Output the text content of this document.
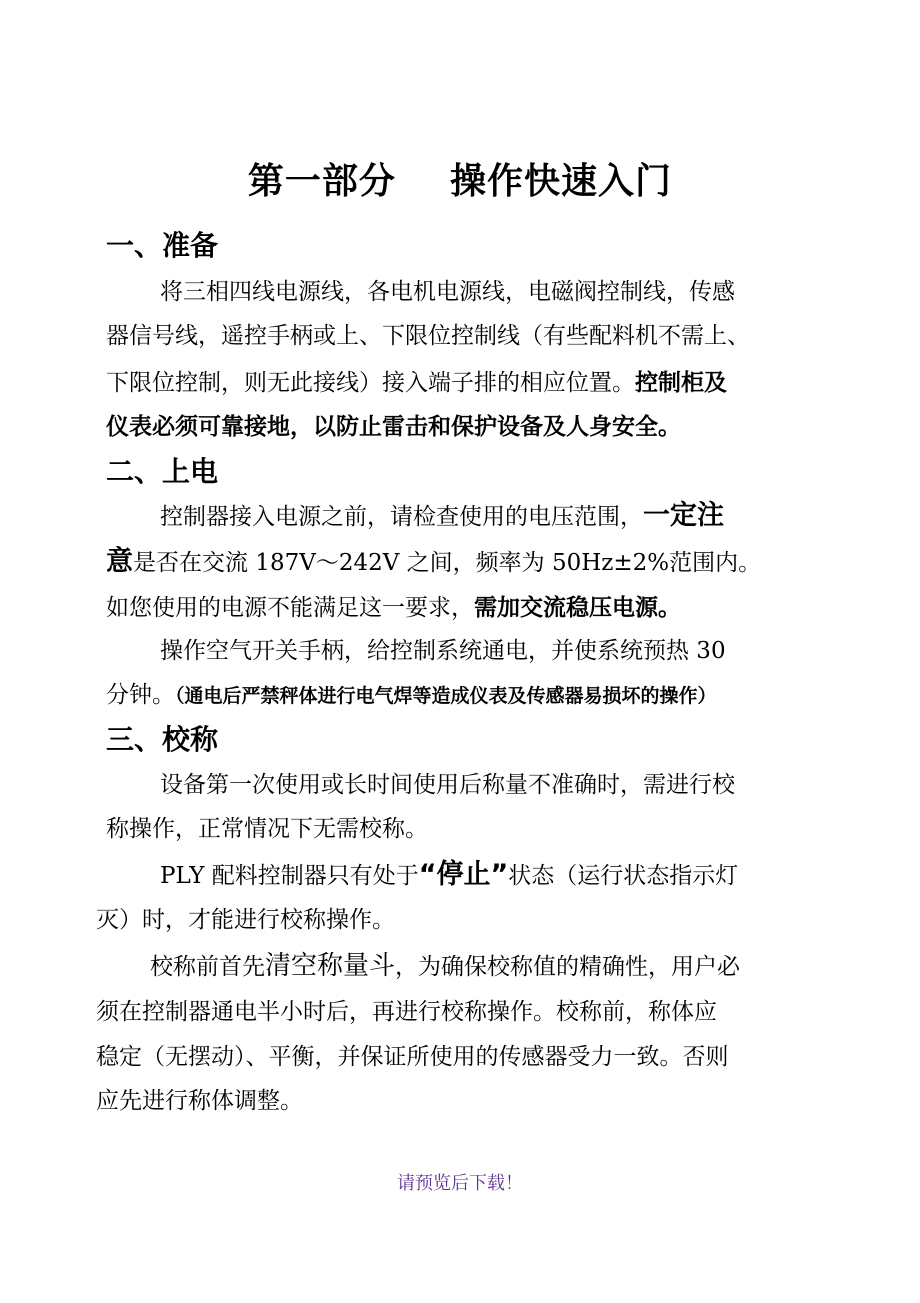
第一部分    操作快速入门
一、准备
将三相四线电源线，各电机电源线，电磁阀控制线，传感
器信号线，遥控手柄或上、下限位控制线（有些配料机不需上、
下限位控制，则无此接线）接入端子排的相应位置。控制柜及
仪表必须可靠接地，以防止雷击和保护设备及人身安全。
二、上电
控制器接入电源之前，请检查使用的电压范围，一定注
意是否在交流 187V～242V 之间，频率为 50Hz±2%范围内。
如您使用的电源不能满足这一要求，需加交流稳压电源。
操作空气开关手柄，给控制系统通电，并使系统预热 30
分钟。（通电后严禁秤体进行电气焊等造成仪表及传感器易损坏的操作）
三、校称
设备第一次使用或长时间使用后称量不准确时，需进行校
称操作，正常情况下无需校称。
PLY 配料控制器只有处于“停止”状态（运行状态指示灯
灭）时，才能进行校称操作。
校称前首先清空称量斗，为确保校称值的精确性，用户必
须在控制器通电半小时后，再进行校称操作。校称前，称体应
稳定（无摆动）、平衡，并保证所使用的传感器受力一致。否则
应先进行称体调整。
请预览后下载！
